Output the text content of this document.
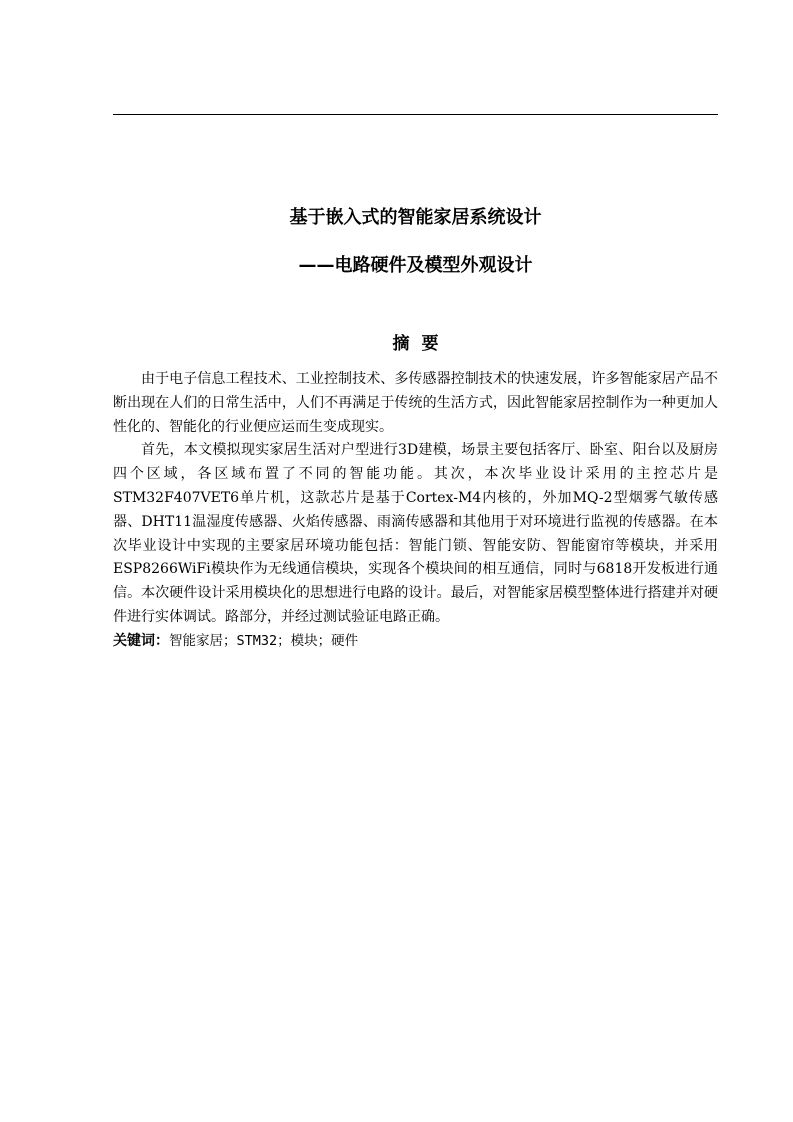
基于嵌入式的智能家居系统设计
——电路硬件及模型外观设计
摘要

由于电子信息工程技术、工业控制技术、多传感器控制技术的快速发展，许多智能家居产品不断出现在人们的日常生活中，人们不再满足于传统的生活方式，因此智能家居控制作为一种更加人性化的、智能化的行业便应运而生变成现实。

首先，本文模拟现实家居生活对户型进行3D建模，场景主要包括客厅、卧室、阳台以及厨房四个区域，各区域布置了不同的智能功能。其次，本次毕业设计采用的主控芯片是STM32F407VET6单片机，这款芯片是基于Cortex-M4内核的，外加MQ-2型烟雾气敏传感器、DHT11温湿度传感器、火焰传感器、雨滴传感器和其他用于对环境进行监视的传感器。在本次毕业设计中实现的主要家居环境功能包括：智能门锁、智能安防、智能窗帘等模块，并采用ESP8266WiFi模块作为无线通信模块，实现各个模块间的相互通信，同时与6818开发板进行通信。本次硬件设计采用模块化的思想进行电路的设计。最后，对智能家居模型整体进行搭建并对硬件进行实体调试。路部分，并经过测试验证电路正确。

关键词：智能家居；STM32；模块；硬件
